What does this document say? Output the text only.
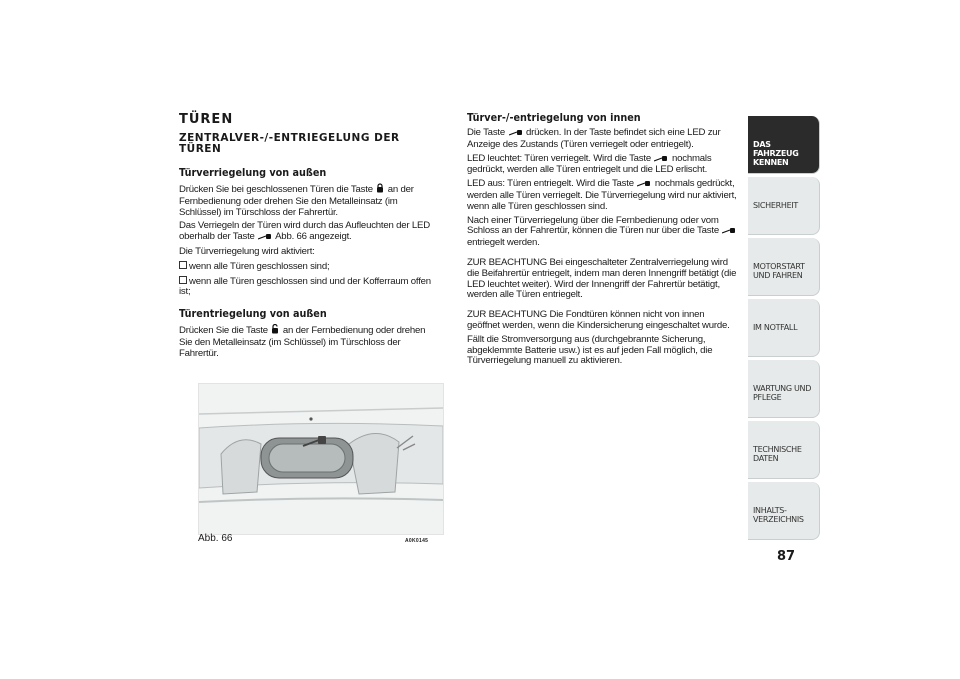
TÜREN
ZENTRALVER-/-ENTRIEGELUNG DER TÜREN
Türverriegelung von außen

Drücken Sie bei geschlossenen Türen die Taste an der Fernbedienung oder drehen Sie den Metalleinsatz (im Schlüssel) im Türschloss der Fahrertür.

Das Verriegeln der Türen wird durch das Aufleuchten der LED oberhalb der Taste Abb. 66 angezeigt.

Die Türverriegelung wird aktiviert:

wenn alle Türen geschlossen sind;

wenn alle Türen geschlossen sind und der Kofferraum offen ist;

Türentriegelung von außen

Drücken Sie die Taste an der Fernbedienung oder drehen Sie den Metalleinsatz (im Schlüssel) im Türschloss der Fahrertür.

Abb. 66	A0K0145
Türver-/-entriegelung von innen

Die Taste drücken. In der Taste befindet sich eine LED zur Anzeige des Zustands (Türen verriegelt oder entriegelt).

LED leuchtet: Türen verriegelt. Wird die Taste nochmals gedrückt, werden alle Türen entriegelt und die LED erlischt.

LED aus: Türen entriegelt. Wird die Taste nochmals gedrückt, werden alle Türen verriegelt. Die Türverriegelung wird nur aktiviert, wenn alle Türen geschlossen sind.

Nach einer Türverriegelung über die Fernbedienung oder vom Schloss an der Fahrertür, können die Türen nur über die Taste  entriegelt werden.

ZUR BEACHTUNG Bei eingeschalteter Zentralverriegelung wird die Beifahrertür entriegelt, indem man deren Innengriff betätigt (die LED leuchtet weiter). Wird der Innengriff der Fahrertür betätigt, werden alle Türen entriegelt.

ZUR BEACHTUNG Die Fondtüren können nicht von innen geöffnet werden, wenn die Kindersicherung eingeschaltet wurde.

Fällt die Stromversorgung aus (durchgebrannte Sicherung, abgeklemmte Batterie usw.) ist es auf jeden Fall möglich, die Türverriegelung manuell zu aktivieren.

DAS FAHRZEUG KENNEN
SICHERHEIT
MOTORSTART UND FAHREN
IM NOTFALL
WARTUNG UND PFLEGE
TECHNISCHE DATEN
INHALTS-VERZEICHNIS
87
